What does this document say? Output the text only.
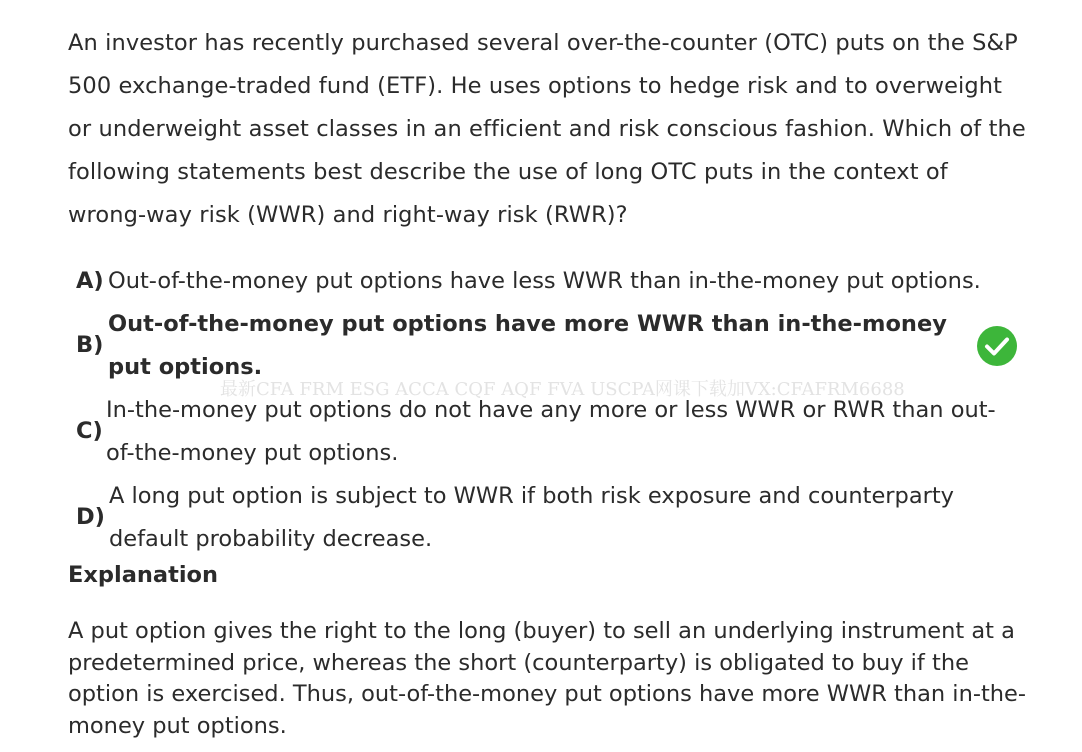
An investor has recently purchased several over-the-counter (OTC) puts on the S&P 500 exchange-traded fund (ETF). He uses options to hedge risk and to overweight or underweight asset classes in an efficient and risk conscious fashion. Which of the following statements best describe the use of long OTC puts in the context of wrong-way risk (WWR) and right-way risk (RWR)?
A) Out-of-the-money put options have less WWR than in-the-money put options.
B)
Out-of-the-money put options have more WWR than in-the-money put options.
最新CFA FRM ESG ACCA CQF AQF FVA USCPA网课下载加VX:CFAFRM6688
C)
In-the-money put options do not have any more or less WWR or RWR than out-of-the-money put options.
D)
A long put option is subject to WWR if both risk exposure and counterparty default probability decrease.
Explanation
A put option gives the right to the long (buyer) to sell an underlying instrument at a predetermined price, whereas the short (counterparty) is obligated to buy if the option is exercised. Thus, out-of-the-money put options have more WWR than in-the-money put options.
